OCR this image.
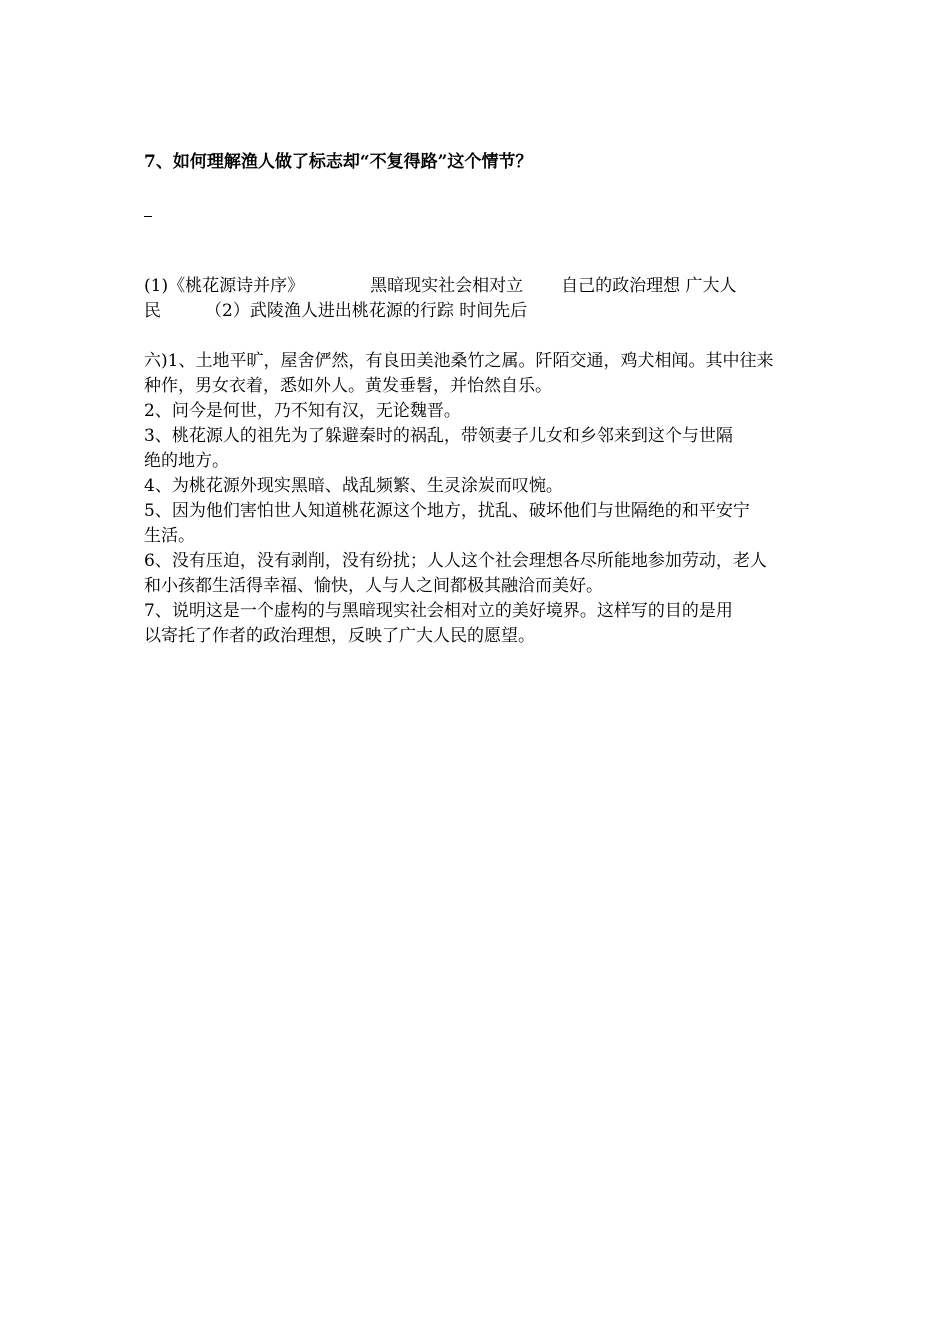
7、如何理解渔人做了标志却“不复得路”这个情节？
(1)《桃花源诗并序》	黑暗现实社会相对立 自己的政治理想 广大人
民	（2）武陵渔人进出桃花源的行踪 时间先后
六)1、土地平旷，屋舍俨然，有良田美池桑竹之属。阡陌交通，鸡犬相闻。其中往来
种作，男女衣着，悉如外人。黄发垂髫，并怡然自乐。
2、问今是何世，乃不知有汉，无论魏晋。
3、桃花源人的祖先为了躲避秦时的祸乱，带领妻子儿女和乡邻来到这个与世隔
绝的地方。
4、为桃花源外现实黑暗、战乱频繁、生灵涂炭而叹惋。
5、因为他们害怕世人知道桃花源这个地方，扰乱、破坏他们与世隔绝的和平安宁
生活。
6、没有压迫，没有剥削，没有纷扰；人人这个社会理想各尽所能地参加劳动，老人
和小孩都生活得幸福、愉快，人与人之间都极其融洽而美好。
7、说明这是一个虚构的与黑暗现实社会相对立的美好境界。这样写的目的是用
以寄托了作者的政治理想，反映了广大人民的愿望。
